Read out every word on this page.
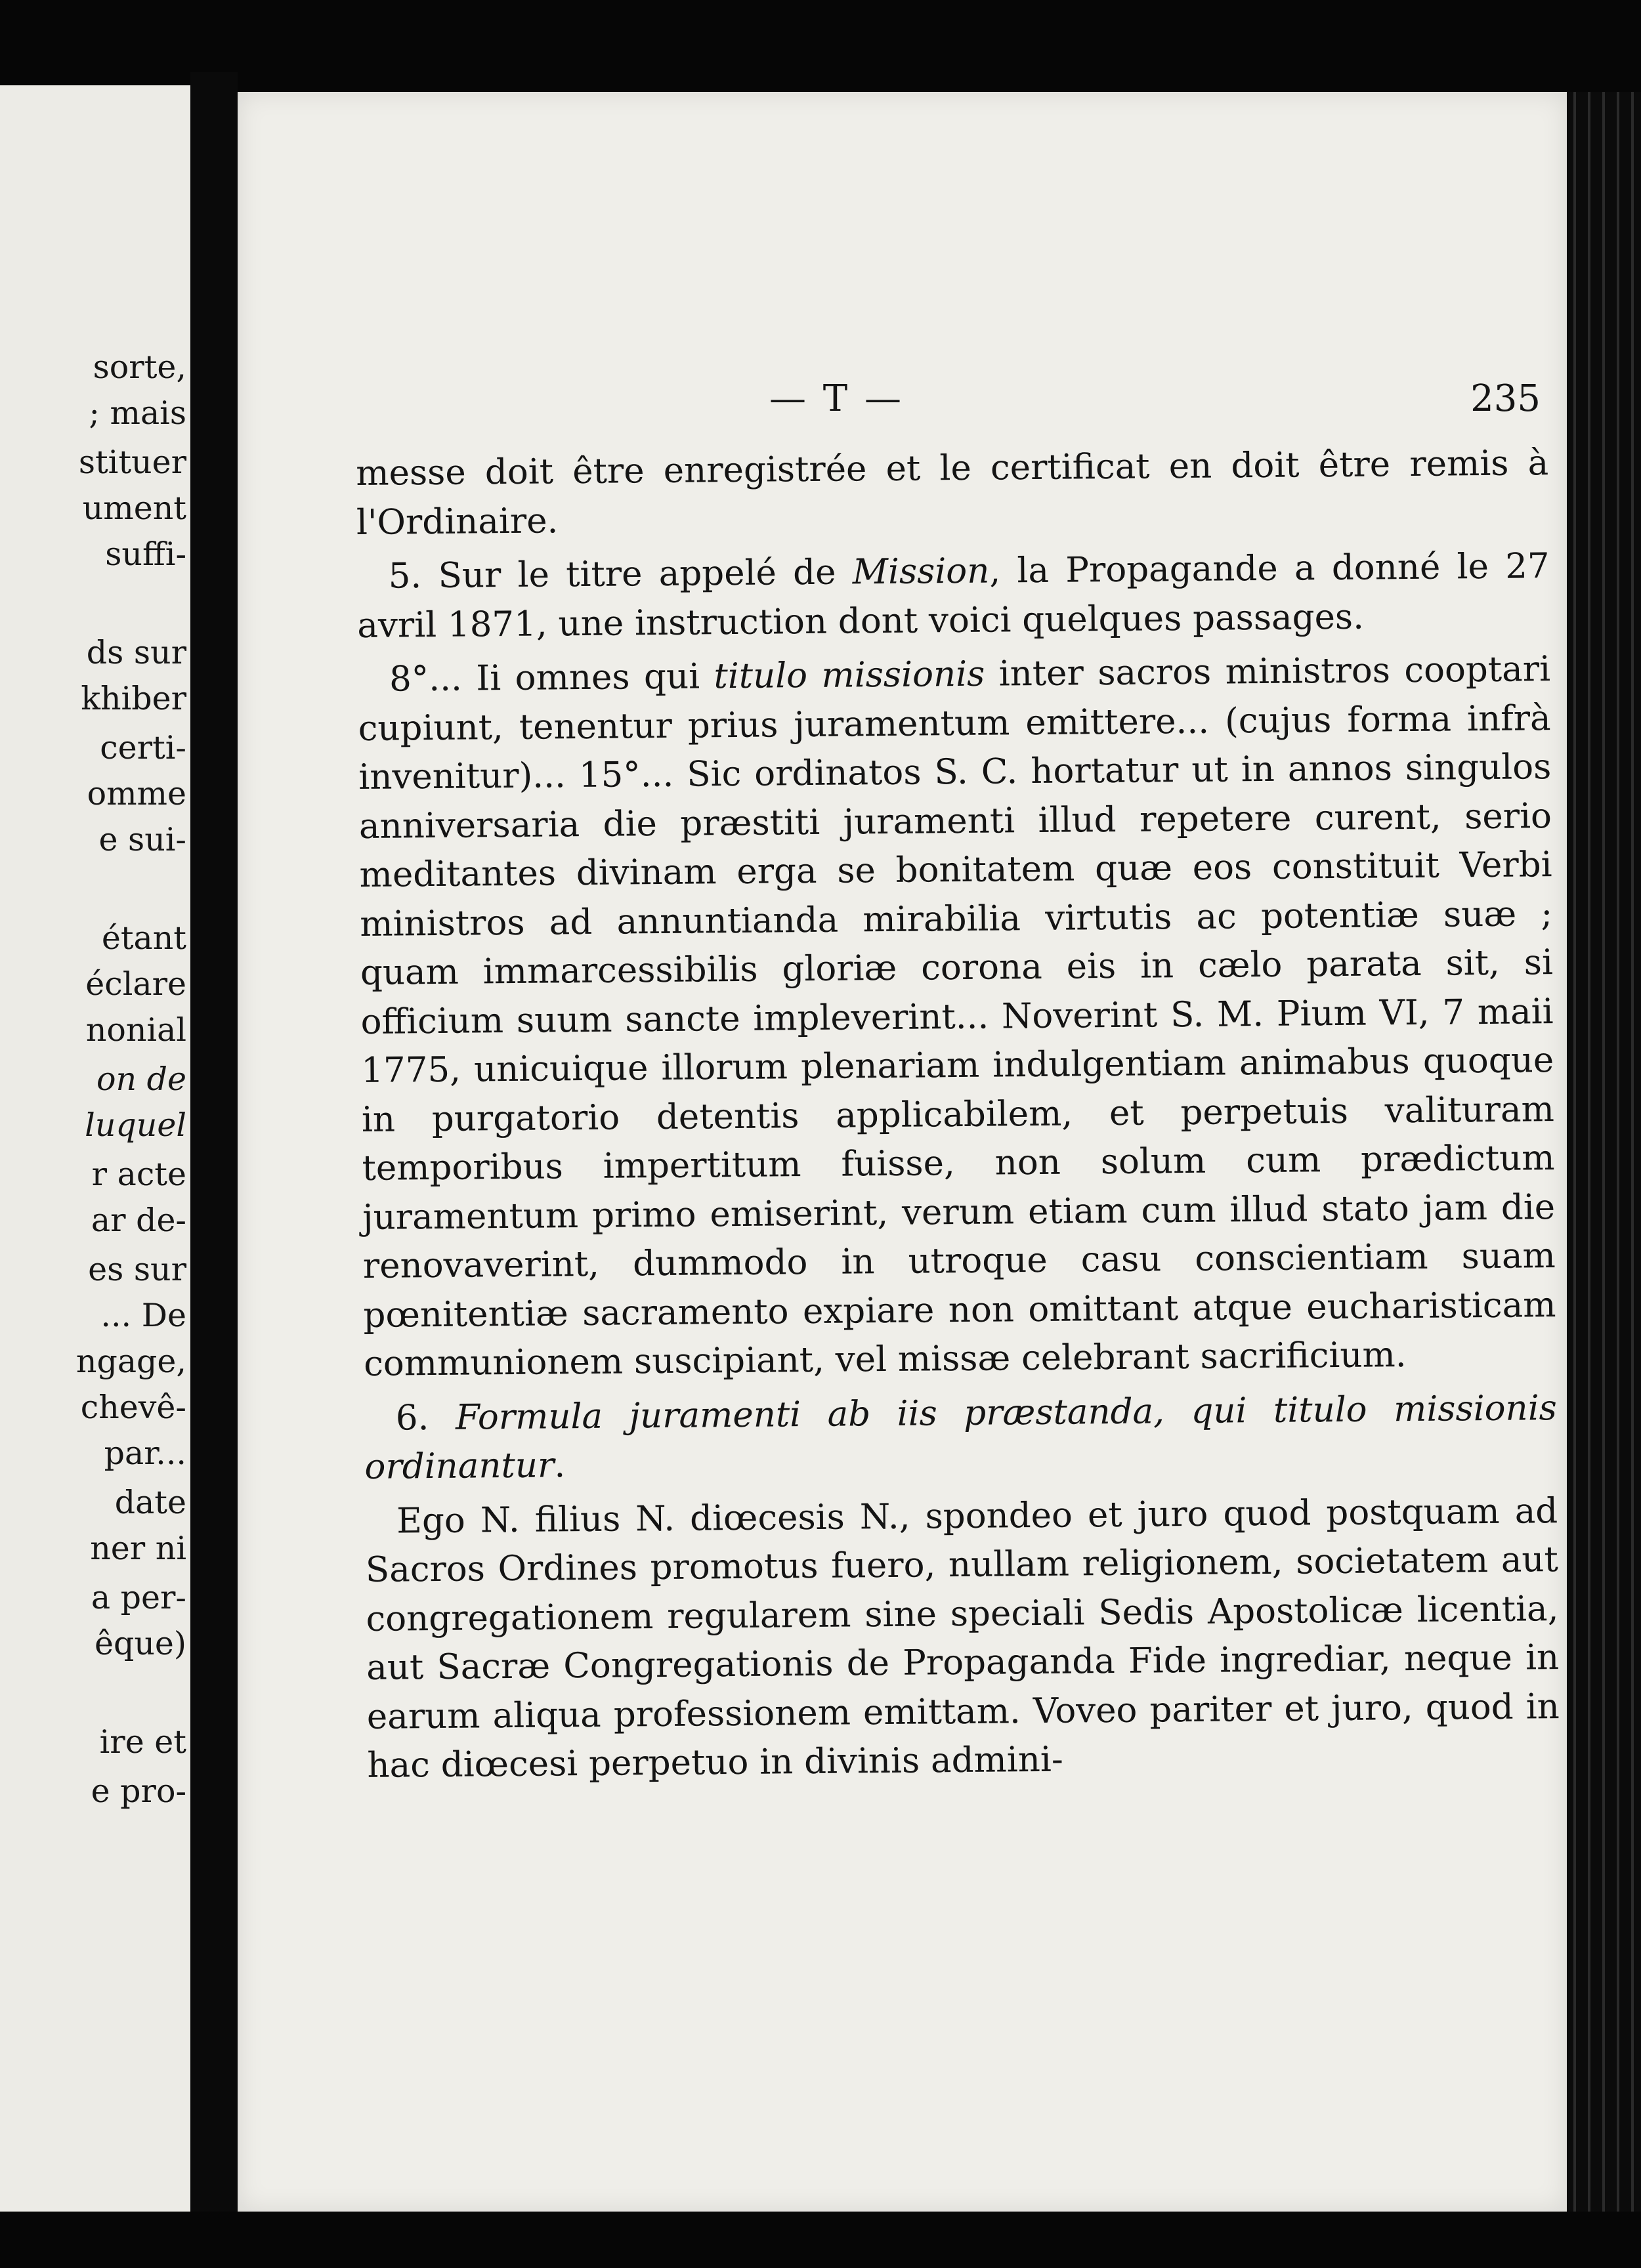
sorte,

; mais

stituer

ument

suffi-

ds sur

khiber

certi-

omme

e sui-

étant

éclare

nonial

on de

luquel

r acte

ar de-

es sur

... De

ngage,

chevê-

par...

date

ner ni

a per-

êque)

ire et

e pro-

— T —	235

messe doit être enregistrée et le certificat en doit être remis à l'Ordinaire.

5. Sur le titre appelé de Mission, la Propagande a donné le 27 avril 1871, une instruction dont voici quelques passages.

8°... Ii omnes qui titulo missionis inter sacros ministros cooptari cupiunt, tenentur prius juramentum emittere... (cujus forma infrà invenitur)... 15°... Sic ordinatos S. C. hortatur ut in annos singulos anniversaria die præstiti juramenti illud repetere curent, serio meditantes divinam erga se bonitatem quæ eos constituit Verbi ministros ad annuntianda mirabilia virtutis ac potentiæ suæ ; quam immarcessibilis gloriæ corona eis in cælo parata sit, si officium suum sancte impleverint... Noverint S. M. Pium VI, 7 maii 1775, unicuique illorum plenariam indulgentiam animabus quoque in purgatorio detentis applicabilem, et perpetuis valituram temporibus impertitum fuisse, non solum cum prædictum juramentum primo emiserint, verum etiam cum illud stato jam die renovaverint, dummodo in utroque casu conscientiam suam pœnitentiæ sacramento expiare non omittant atque eucharisticam communionem suscipiant, vel missæ celebrant sacrificium.

6. Formula juramenti ab iis præstanda, qui titulo missionis ordinantur.

Ego N. filius N. diœcesis N., spondeo et juro quod postquam ad Sacros Ordines promotus fuero, nullam religionem, societatem aut congregationem regularem sine speciali Sedis Apostolicæ licentia, aut Sacræ Congregationis de Propaganda Fide ingrediar, neque in earum aliqua professionem emittam. Voveo pariter et juro, quod in hac diœcesi perpetuo in divinis admini-
